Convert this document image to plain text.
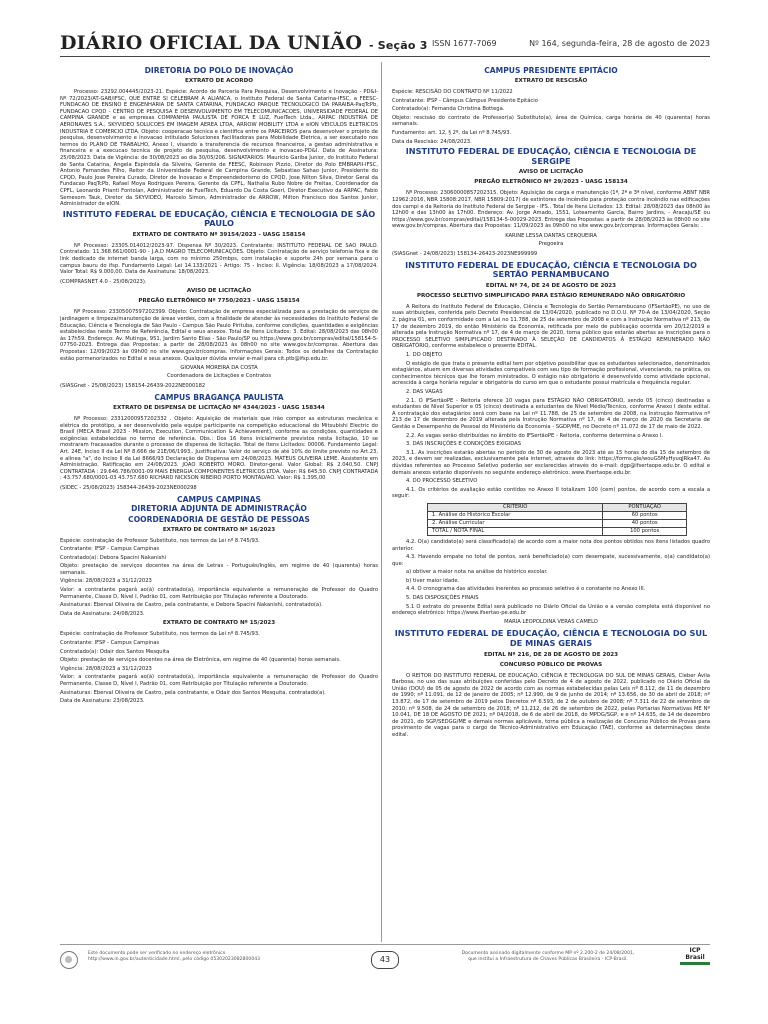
DIÁRIO OFICIAL DA UNIÃO - Seção 3 ISSN 1677-7069	Nº 164, segunda-feira, 28 de agosto de 2023
DIRETORIA DO POLO DE INOVAÇÃO
EXTRATO DE ACORDO

Processo: 23292.004445/2023-21. Espécie: Acordo de Parceria Para Pesquisa, Desenvolvimento e Inovação - PD&I-Nº 72/2023/AT-GAB/IFSC, QUE ENTRE SI CELEBRAM A ALIANCA, o Instituto Federal de Santa Catarina-IFSC, a FEESC-FUNDACAO DE ENSINO E ENGENHARIA DE SANTA CATARINA, FUNDACAO PARQUE TECNOLOGICO DA PARAIBA-PaqTcPb, FUNDACAO CPQD - CENTRO DE PESQUISA E DESENVOLVIMENTO EM TELECOMUNICACOES, UNIVERSIDADE FEDERAL DE CAMPINA GRANDE e as empresas COMPANHIA PAULISTA DE FORCA E LUZ, FuelTech Ltda., ARPAC INDUSTRIA DE AERONAVES S.A., SKYVIDEO SOLUCOES EM IMAGEM AEREA LTDA, ARROW MOBILITY LTDA e eION VEICULOS ELETRICOS INDUSTRIA E COMERCIO LTDA. Objeto: cooperacao tecnica e cientifica entre os PARCEIROS para desenvolver o projeto de pesquisa, desenvolvimento e inovacao intitulado Soluciones Facilitadoras para Mobilidade Eletrica, a ser executado nos termos do PLANO DE TRABALHO, Anexo I, visando a transferencia de recursos financeiros, a gestao administrativa e financeira e a execucao tecnica de projeto de pesquisa, desenvolvimento e inovacao-PD&I. Data de Assinatura: 25/08/2023. Data de Vigência: de 30/08/2023 ao dia 30/05/206. SIGNATARIOS: Mauricio Gariba Junior, do Instituto Federal de Santa Catarina, Angela Espindola da Silveira, Gerente de FEESC, Robinson Pizzio, Diretor do Polo EMBRAPII-IFSC, Antonio Fernandes Filho, Reitor da Universidade Federal de Campina Grande, Sebastiao Sahao Junior, Presidente do CPQD, Paulo Jose Pereira Curado, Diretor de Inovacao e Empreendedorismo do CPQD, Jose Nilton Silva, Diretor Geral da Fundacao PaqTcPb, Rafael Moya Rodrigues Pereira, Gerente da CPFL, Nathalia Rubo Nobre de Freitas, Coordenador da CPFL, Leonardo Prianti Fontolan, Administrador de FuelTech, Eduardo Da Costa Goeri, Diretor Executivo da ARPAC, Fabio Semesom Tauk, Diretor da SKYVIDEO, Marcelo Simon, Administrador de ARROW, Milton Francisco dos Santos Junior, Administrador de eION.

INSTITUTO FEDERAL DE EDUCAÇÃO, CIÊNCIA E TECNOLOGIA DE SÃO PAULO
EXTRATO DE CONTRATO Nº 39154/2023 - UASG 158154

Nº Processo: 23305.014012/2023-97. Dispensa Nº 30/2023. Contratante: INSTITUTO FEDERAL DE SAO PAULO. Contratado: 11.368.661/0001-90 - J.A.D MAGRO TELECOMUNICAÇÕES. Objeto: Contratação de serviço telefonia fixa e de link dedicado de internet banda larga, com no mínimo 250mbps, com instalação e suporte 24h por semana para o campus bauru do ifsp. Fundamento Legal: Lei 14.133/2021 - Artigo: 75 - Inciso: II. Vigência: 18/08/2023 a 17/08/2024. Valor Total: R$ 9.000,00. Data de Assinatura: 18/08/2023.

(COMPRASNET 4.0 - 25/08/2023).

AVISO DE LICITAÇÃO
PREGÃO ELETRÔNICO Nº 7750/2023 - UASG 158154

Nº Processo: 23305007597202399. Objeto: Contratação de empresa especializada para a prestação de serviços de jardinagem e limpeza/manutenção de áreas verdes, com a finalidade de atender às necessidades do Instituto Federal de Educação, Ciência e Tecnologia de São Paulo - Campus São Paulo Pirituba, conforme condições, quantidades e exigências estabelecidas neste Termo de Referência, Edital e seus anexos. Total de Itens Licitados: 3. Edital: 28/08/2023 das 08h00 às 17h59. Endereço: Av. Mutinga, 951, Jardim Santo Elias - São Paulo/SP ou https://www.gov.br/compras/edital/158154-5-07750-2023. Entrega das Propostas: a partir de 28/08/2023 às 08h00 no site www.gov.br/compras. Abertura das Propostas: 12/09/2023 às 09h00 no site www.gov.br/compras. Informações Gerais: Todos os detalhes da Contratação estão pormenorizados no Edital e seus anexos. Qualquer dúvida enviar e-mail para cit.ptb@ifsp.edu.br.

GIOVANA MOREIRA DA COSTA
Coordenadora de Licitações e Contratos

(SIASGnet - 25/08/2023) 158154-26439-2022NE000182

CAMPUS BRAGANÇA PAULISTA
EXTRATO DE DISPENSA DE LICITAÇÃO Nº 4344/2023 - UASG 158344

Nº Processo: 23312000957202332 . Objeto: Aquisição de materiais que irão compor as estruturas mecânica e elétrica do protótipo, a ser desenvolvido pela equipe participante na competição educacional do Mitsubishi Electric do Brasil (MECA Brasil 2023 - Mission, Execution, Communication & Achievement), conforme as condições, quantidades e exigências estabelecidas no termo de referência. Obs.: Dos 16 itens inicialmente previstos nesta licitação, 10 se mostraram fracassados durante o processo de dispensa de licitação. Total de Itens Licitados: 00006. Fundamento Legal: Art. 24E, Inciso II da Lei Nº 8.666 de 21E/06/1993.. Justificativa: Valor do serviço de até 10% do limite previsto no Art.23, e alínea "a", do inciso II da Lei 8666/93 Declaração de Dispensa em 24/08/2023. MATEUS OLIVEIRA LEME. Assistente em Administração. Ratificação em 24/08/2023. JOAO ROBERTO MORO. Diretor-geral. Valor Global: R$ 2.040,50. CNPJ CONTRATADA : 29.646.786/0001-09 MAIS ENERGIA COMPONENTES ELETRICOS LTDA. Valor: R$ 645,50. CNPJ CONTRATADA : 43.757.680/0001-03 43.757.680 RICHARD NICKSON RIBEIRO PORTO MONTALVAO. Valor: R$ 1.395,00

(SIDEC - 25/08/2023) 158344-26439-2023NE000298

CAMPUS CAMPINAS
DIRETORIA ADJUNTA DE ADMINISTRAÇÃO
COORDENADORIA DE GESTÃO DE PESSOAS
EXTRATO DE CONTRATO Nº 16/2023

Espécie: contratação de Professor Substituto, nos termos da Lei nº 8.745/93.

Contratante: IFSP - Campus Campinas

Contratado(a): Debora Spacini Nakanishi

Objeto: prestação de serviços docentes na área de Letras - Português/Inglês, em regime de 40 (quarenta) horas semanais.

Vigência: 28/08/2023 a 31/12/2023

Valor: a contratante pagará ao(à) contratado(a), importância equivalente a remuneração de Professor do Quadro Permanente, Classe D, Nível I, Padrão 01, com Retribuição por Titulação referente a Doutorado.

Assinaturas: Eberval Oliveira de Castro, pela contratante, e Debora Spacini Nakanishi, contratado(a).

Data de Assinatura: 24/08/2023.

EXTRATO DE CONTRATO Nº 15/2023

Espécie: contratação de Professor Substituto, nos termos da Lei nº 8.745/93.

Contratante: IFSP - Campus Campinas

Contratado(a): Odair dos Santos Mesquita

Objeto: prestação de serviços docentes na área de Eletrônica, em regime de 40 (quarenta) horas semanais.

Vigência: 28/08/2023 a 31/12/2023

Valor: a contratante pagará ao(à) contratado(a), importância equivalente a remuneração de Professor do Quadro Permanente, Classe D, Nível I, Padrão 01, com Retribuição por Titulação referente a Doutorado.

Assinaturas: Eberval Oliveira de Castro, pela contratante, e Odair dos Santos Mesquita, contratado(a).

Data de Assinatura: 23/08/2023.

CAMPUS PRESIDENTE EPITÁCIO
EXTRATO DE RESCISÃO

Espécie: RESCISÃO DO CONTRATO Nº 11/2022

Contratante: IFSP - Câmpus Câmpus Presidente Epitácio

Contratado(a): Fernanda Christina Bottega.

Objeto: rescisão do contrato de Professor(a) Substituto(a), área de Química, carga horária de 40 (quarenta) horas semanais.

Fundamento: art. 12, § 2º, da Lei nº 8.745/93.

Data da Rescisão: 24/08/2023.

INSTITUTO FEDERAL DE EDUCAÇÃO, CIÊNCIA E TECNOLOGIA DE SERGIPE
AVISO DE LICITAÇÃO
PREGÃO ELETRÔNICO Nº 29/2023 - UASG 158134

Nº Processo: 23060000857202315. Objeto: Aquisição de carga e manutenção (1ª, 2ª e 3ª nível, conforme ABNT NBR 12962:2016, NBR 15808:2017, NBR 15809:2017) de extintores de incêndio para proteção contra incêndio nas edificações dos campi e da Reitoria do Instituto Federal de Sergipe - IFS.. Total de Itens Licitados: 13. Edital: 28/08/2023 das 08h00 às 12h00 e das 13h00 às 17h00. Endereço: Av. Jorge Amado, 1551, Loteamento Garcia, Bairro Jardins, - Aracaju/SE ou https://www.gov.br/compras/edital/158134-5-00029-2023. Entrega das Propostas: a partir de 28/08/2023 às 08h00 no site www.gov.br/compras. Abertura das Propostas: 11/09/2023 às 09h00 no site www.gov.br/compras. Informações Gerais: .

KARINE LESSA DANTAS CERQUEIRA
Pregoeira

(SIASGnet - 24/08/2023) 158134-26423-2023NE999999

INSTITUTO FEDERAL DE EDUCAÇÃO, CIÊNCIA E TECNOLOGIA DO SERTÃO PERNAMBUCANO
EDITAL Nº 74, DE 24 DE AGOSTO DE 2023
PROCESSO SELETIVO SIMPLIFICADO PARA ESTÁGIO REMUNERADO NÃO OBRIGATÓRIO

A Reitora do Instituto Federal de Educação, Ciência e Tecnologia do Sertão Pernambucano (IFSertãoPE), no uso de suas atribuições, conferida pelo Decreto Presidencial de 13/04/2020, publicado no D.O.U. Nº 70-A de 13/04/2020, Seção 2, página 01, em conformidade com a Lei no 11.788, de 25 de setembro de 2008 e com a Instrução Normativa nº 213, de 17 de dezembro 2019, do então Ministério da Economia, retificada por meio de publicação ocorrida em 20/12/2019 e alterada pela Instrução Normativa nº 17, de 4 de março de 2020, torna público que estarão abertas as inscrições para o PROCESSO SELETIVO SIMPLIFICADO DESTINADO À SELEÇÃO DE CANDIDATOS À ESTÁGIO REMUNERADO NÃO OBRIGATÓRIO, conforme estabelece o presente EDITAL.

1. DO OBJETO

O estágio de que trata o presente edital tem por objetivo possibilitar que os estudantes selecionados, denominados estagiários, atuem em diversas atividades compatíveis com seu tipo de formação profissional, vivenciando, na prática, os conhecimentos técnicos que lhe foram ministrados. O estágio não obrigatório é desenvolvido como atividade opcional, acrescida à carga horária regular e obrigatória do curso em que o estudante possui matrícula e frequência regular.

2. DAS VAGAS

2.1. O IFSertãoPE - Reitoria oferece 10 vagas para ESTÁGIO NÃO OBRIGATÓRIO, sendo 05 (cinco) destinadas a estudantes de Nível Superior e 05 (cinco) destinada a estudantes de Nível Médio/Técnico, conforme Anexo I deste edital. A contratação dos estagiários será com base na Lei nº 11.788, de 25 de setembro de 2008, na Instrução Normativa nº 213 de 17 de dezembro de 2019 alterada pela Instrução Normativa nº 17, de 4 de março de 2020 da Secretaria de Gestão e Desempenho de Pessoal do Ministério da Economia - SGDP/ME, no Decreto nº 11.072 de 17 de maio de 2022.

2.2. As vagas serão distribuídas no âmbito do IFSertãoPE - Reitoria, conforme determina o Anexo I.

3. DAS INSCRIÇÕES E CONDIÇÕES EXIGIDAS

3.1. As inscrições estarão abertas no período de 30 de agosto de 2023 até as 15 horas do dia 15 de setembro de 2023, e devem ser realizadas, exclusivamente pela internet, através do link: https://forms.gle/wouG5MyHyuqJRka47. As dúvidas referentes ao Processo Seletivo poderão ser esclarecidas através do e-mail: dgp@ifsertaope.edu.br. O edital e demais anexos estarão disponíveis no seguinte endereço eletrônico: www.ifsertaope.edu.br.

4. DO PROCESSO SELETIVO

4.1. Os critérios de avaliação estão contidos no Anexo II totalizam 100 (cem) pontos, de acordo com a escala a seguir:

CRITÉRIO	PONTUAÇÃO
1. Análise do Histórico Escolar	60 pontos
2. Análise Curricular	40 pontos
TOTAL / NOTA FINAL	100 pontos

4.2. O(a) candidato(a) será classificado(a) de acordo com a maior nota dos pontos obtidos nos itens listados quadro anterior.

4.3. Havendo empate no total de pontos, será beneficiado(a) com desempate, sucessivamente, o(a) candidato(a) que:

a) obtiver a maior nota na análise do histórico escolar.

b) tiver maior idade.

4.4. O cronograma das atividades inerentes ao processo seletivo é o constante no Anexo III.

5. DAS DISPOSIÇÕES FINAIS

5.1 O extrato do presente Edital será publicado no Diário Oficial da União e a versão completa está disponível no endereço eletrônico: https://www.ifsertao-pe.edu.br

MARIA LEOPOLDINA VERAS CAMELO
INSTITUTO FEDERAL DE EDUCAÇÃO, CIÊNCIA E TECNOLOGIA DO SUL DE MINAS GERAIS
EDITAL Nº 216, DE 28 DE AGOSTO DE 2023
CONCURSO PÚBLICO DE PROVAS

O REITOR DO INSTITUTO FEDERAL DE EDUCAÇÃO, CIÊNCIA E TECNOLOGIA DO SUL DE MINAS GERAIS, Cleber Ávila Barbosa, no uso das suas atribuições conferidas pelo Decreto de 4 de agosto de 2022, publicado no Diário Oficial da União (DOU) de 05 de agosto de 2022 de acordo com as normas estabelecidas pelas Leis nº 8.112, de 11 de dezembro de 1990; nº 11.091, de 12 de janeiro de 2005; nº 12.990, de 9 de junho de 2014; nº 13.656, de 30 de abril de 2018; nº 13.872, de 17 de setembro de 2019 pelos Decretos nº 6.593, de 2 de outubro de 2008; nº 7.311 de 22 de setembro de 2010; nº 9.508, de 24 de setembro de 2018; nº 11.212, de 26 de setembro de 2022, pelas Portarias Normativas ME Nº 10.041, DE 18 DE AGOSTO DE 2021; nº 04/2018, de 6 de abril de 2018, do MPDG/SGP, e e nº 14.635, de 14 de dezembro de 2021, do SGP/SEDGG/ME e demais normas aplicáveis, torna pública a realização de Concurso Público de Provas para provimento de vagas para o cargo de Técnico-Administrativo em Educação (TAE), conforme as determinações deste edital.

Este documento pode ser verificado no endereço eletrônico
http://www.in.gov.br/autenticidade.html, pelo código 05302023082800043	43
Documento assinado digitalmente conforme MP nº 2.200-2 de 24/08/2001,
que institui a Infraestrutura de Chaves Públicas Brasileira - ICP-Brasil.
ICP
Brasil
